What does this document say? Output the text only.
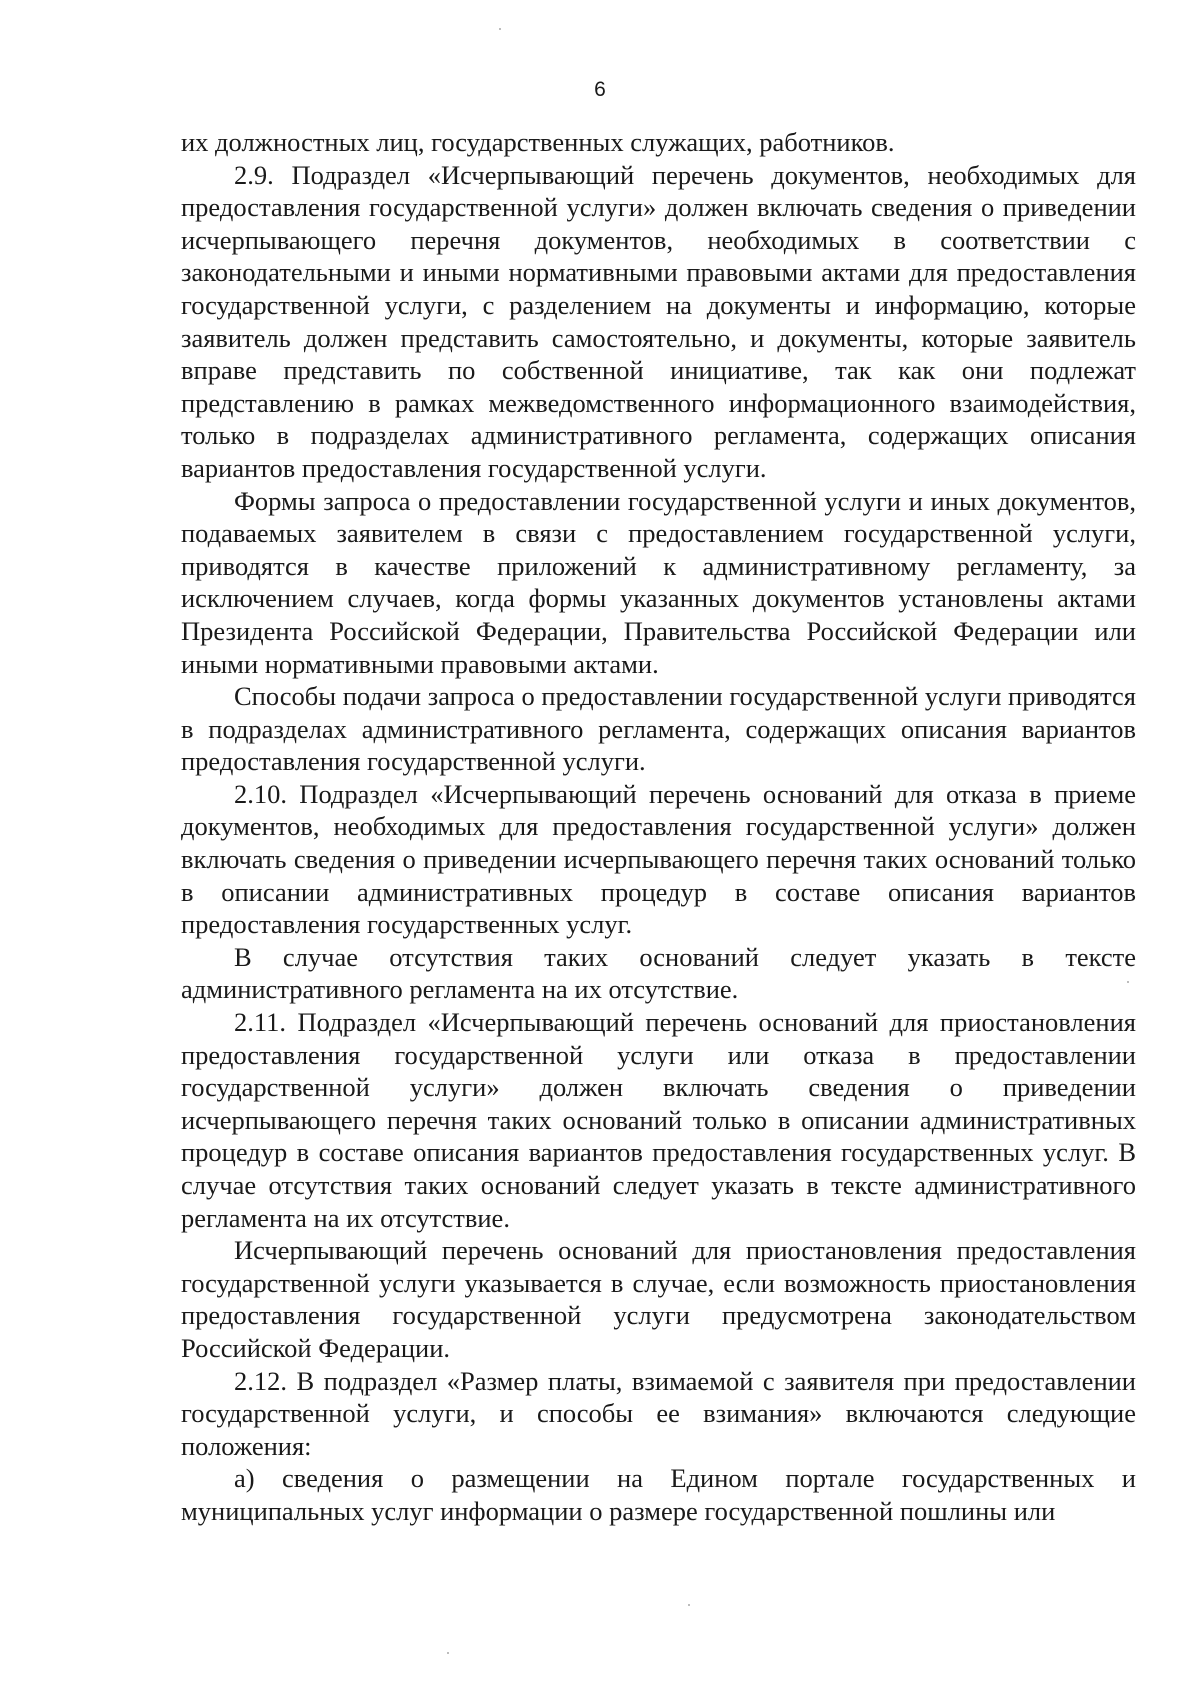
6

их должностных лиц, государственных служащих, работников.

2.9. Подраздел «Исчерпывающий перечень документов, необходимых для предоставления государственной услуги» должен включать сведения о приведении исчерпывающего перечня документов, необходимых в соответствии с законодательными и иными нормативными правовыми актами для предоставления государственной услуги, с разделением на документы и информацию, которые заявитель должен представить самостоятельно, и документы, которые заявитель вправе представить по собственной инициативе, так как они подлежат представлению в рамках межведомственного информационного взаимодействия, только в подразделах административного регламента, содержащих описания вариантов предоставления государственной услуги.

Формы запроса о предоставлении государственной услуги и иных документов, подаваемых заявителем в связи с предоставлением государственной услуги, приводятся в качестве приложений к административному регламенту, за исключением случаев, когда формы указанных документов установлены актами Президента Российской Федерации, Правительства Российской Федерации или иными нормативными правовыми актами.

Способы подачи запроса о предоставлении государственной услуги приводятся в подразделах административного регламента, содержащих описания вариантов предоставления государственной услуги.

2.10. Подраздел «Исчерпывающий перечень оснований для отказа в приеме документов, необходимых для предоставления государственной услуги» должен включать сведения о приведении исчерпывающего перечня таких оснований только в описании административных процедур в составе описания вариантов предоставления государственных услуг.

В случае отсутствия таких оснований следует указать в тексте административного регламента на их отсутствие.

2.11. Подраздел «Исчерпывающий перечень оснований для приостановления предоставления государственной услуги или отказа в предоставлении государственной услуги» должен включать сведения о приведении исчерпывающего перечня таких оснований только в описании административных процедур в составе описания вариантов предоставления государственных услуг. В случае отсутствия таких оснований следует указать в тексте административного регламента на их отсутствие.

Исчерпывающий перечень оснований для приостановления предоставления государственной услуги указывается в случае, если возможность приостановления предоставления государственной услуги предусмотрена законодательством Российской Федерации.

2.12. В подраздел «Размер платы, взимаемой с заявителя при предоставлении государственной услуги, и способы ее взимания» включаются следующие положения:

а) сведения о размещении на Едином портале государственных и муниципальных услуг информации о размере государственной пошлины или
